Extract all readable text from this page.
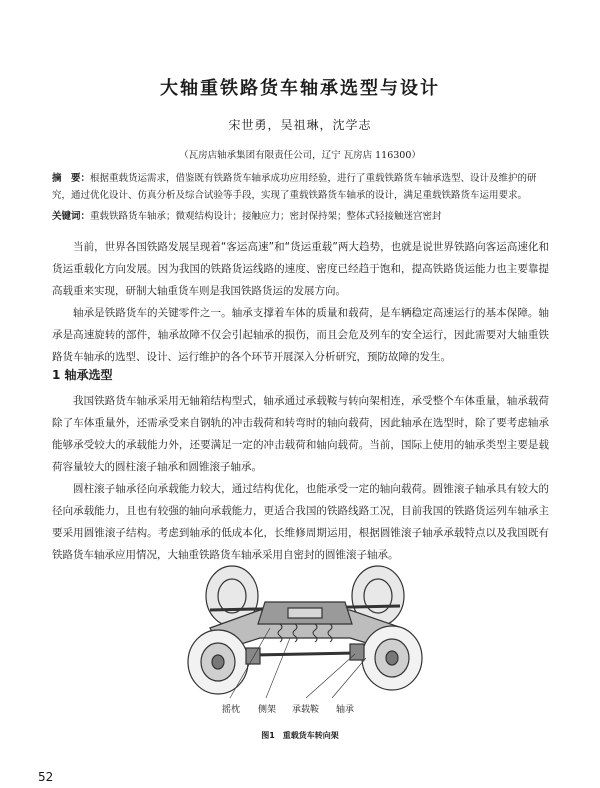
大轴重铁路货车轴承选型与设计
宋世勇，吴祖琳，沈学志
（瓦房店轴承集团有限责任公司，辽宁 瓦房店 116300）
摘　要：根据重载货运需求，借鉴既有铁路货车轴承成功应用经验，进行了重载铁路货车轴承选型、设计及维护的研究，通过优化设计、仿真分析及综合试验等手段，实现了重载铁路货车轴承的设计，满足重载铁路货车运用要求。
关键词：重载铁路货车轴承；微观结构设计；接触应力；密封保持架；整体式轻接触迷宫密封
当前，世界各国铁路发展呈现着“客运高速”和“货运重载”两大趋势，也就是说世界铁路向客运高速化和货运重载化方向发展。因为我国的铁路货运线路的速度、密度已经趋于饱和，提高铁路货运能力也主要靠提高载重来实现，研制大轴重货车则是我国铁路货运的发展方向。
轴承是铁路货车的关键零件之一。轴承支撑着车体的质量和载荷，是车辆稳定高速运行的基本保障。轴承是高速旋转的部件，轴承故障不仅会引起轴承的损伤，而且会危及列车的安全运行，因此需要对大轴重铁路货车轴承的选型、设计、运行维护的各个环节开展深入分析研究，预防故障的发生。
1 轴承选型
我国铁路货车轴承采用无轴箱结构型式，轴承通过承载鞍与转向架相连，承受整个车体重量，轴承载荷除了车体重量外，还需承受来自钢轨的冲击载荷和转弯时的轴向载荷，因此轴承在选型时，除了要考虑轴承能够承受较大的承载能力外，还要满足一定的冲击载荷和轴向载荷。当前，国际上使用的轴承类型主要是载荷容量较大的圆柱滚子轴承和圆锥滚子轴承。
圆柱滚子轴承径向承载能力较大，通过结构优化，也能承受一定的轴向载荷。圆锥滚子轴承具有较大的径向承载能力，且也有较强的轴向承载能力，更适合我国的铁路线路工况，目前我国的铁路货运列车轴承主要采用圆锥滚子结构。考虑到轴承的低成本化，长维修周期运用，根据圆锥滚子轴承承载特点以及我国既有铁路货车轴承应用情况，大轴重铁路货车轴承采用自密封的圆锥滚子轴承。
摇枕 侧架 承载鞍 轴承
图1　重载货车转向架
52
